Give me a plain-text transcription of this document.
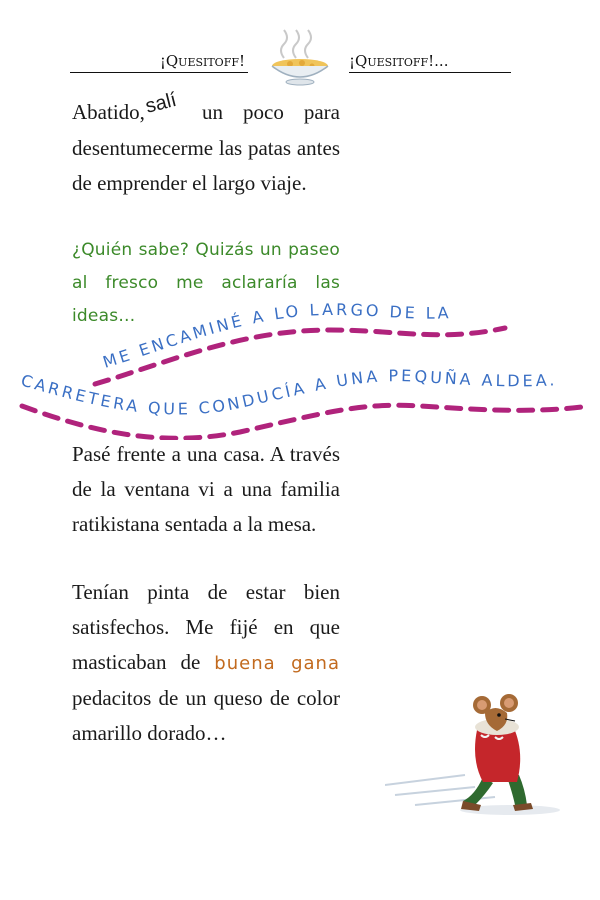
¡Quesitoff!	¡Quesitoff!...

Abatido,salí un poco para desentumecerme las patas antes de emprender el largo viaje.

¿Quién sabe? Quizás un paseo al fresco me aclararía las ideas…

ME ENCAMINÉ A LO LARGO DE LA
CARRETERA QUE CONDUCÍA A UNA PEQUÑA ALDEA.

Pasé frente a una casa. A través de la ventana vi a una familia ratikistana sentada a la mesa.

Tenían pinta de estar bien satisfechos. Me fijé en que masticaban de buena gana pedacitos de un queso de color amarillo dorado…
